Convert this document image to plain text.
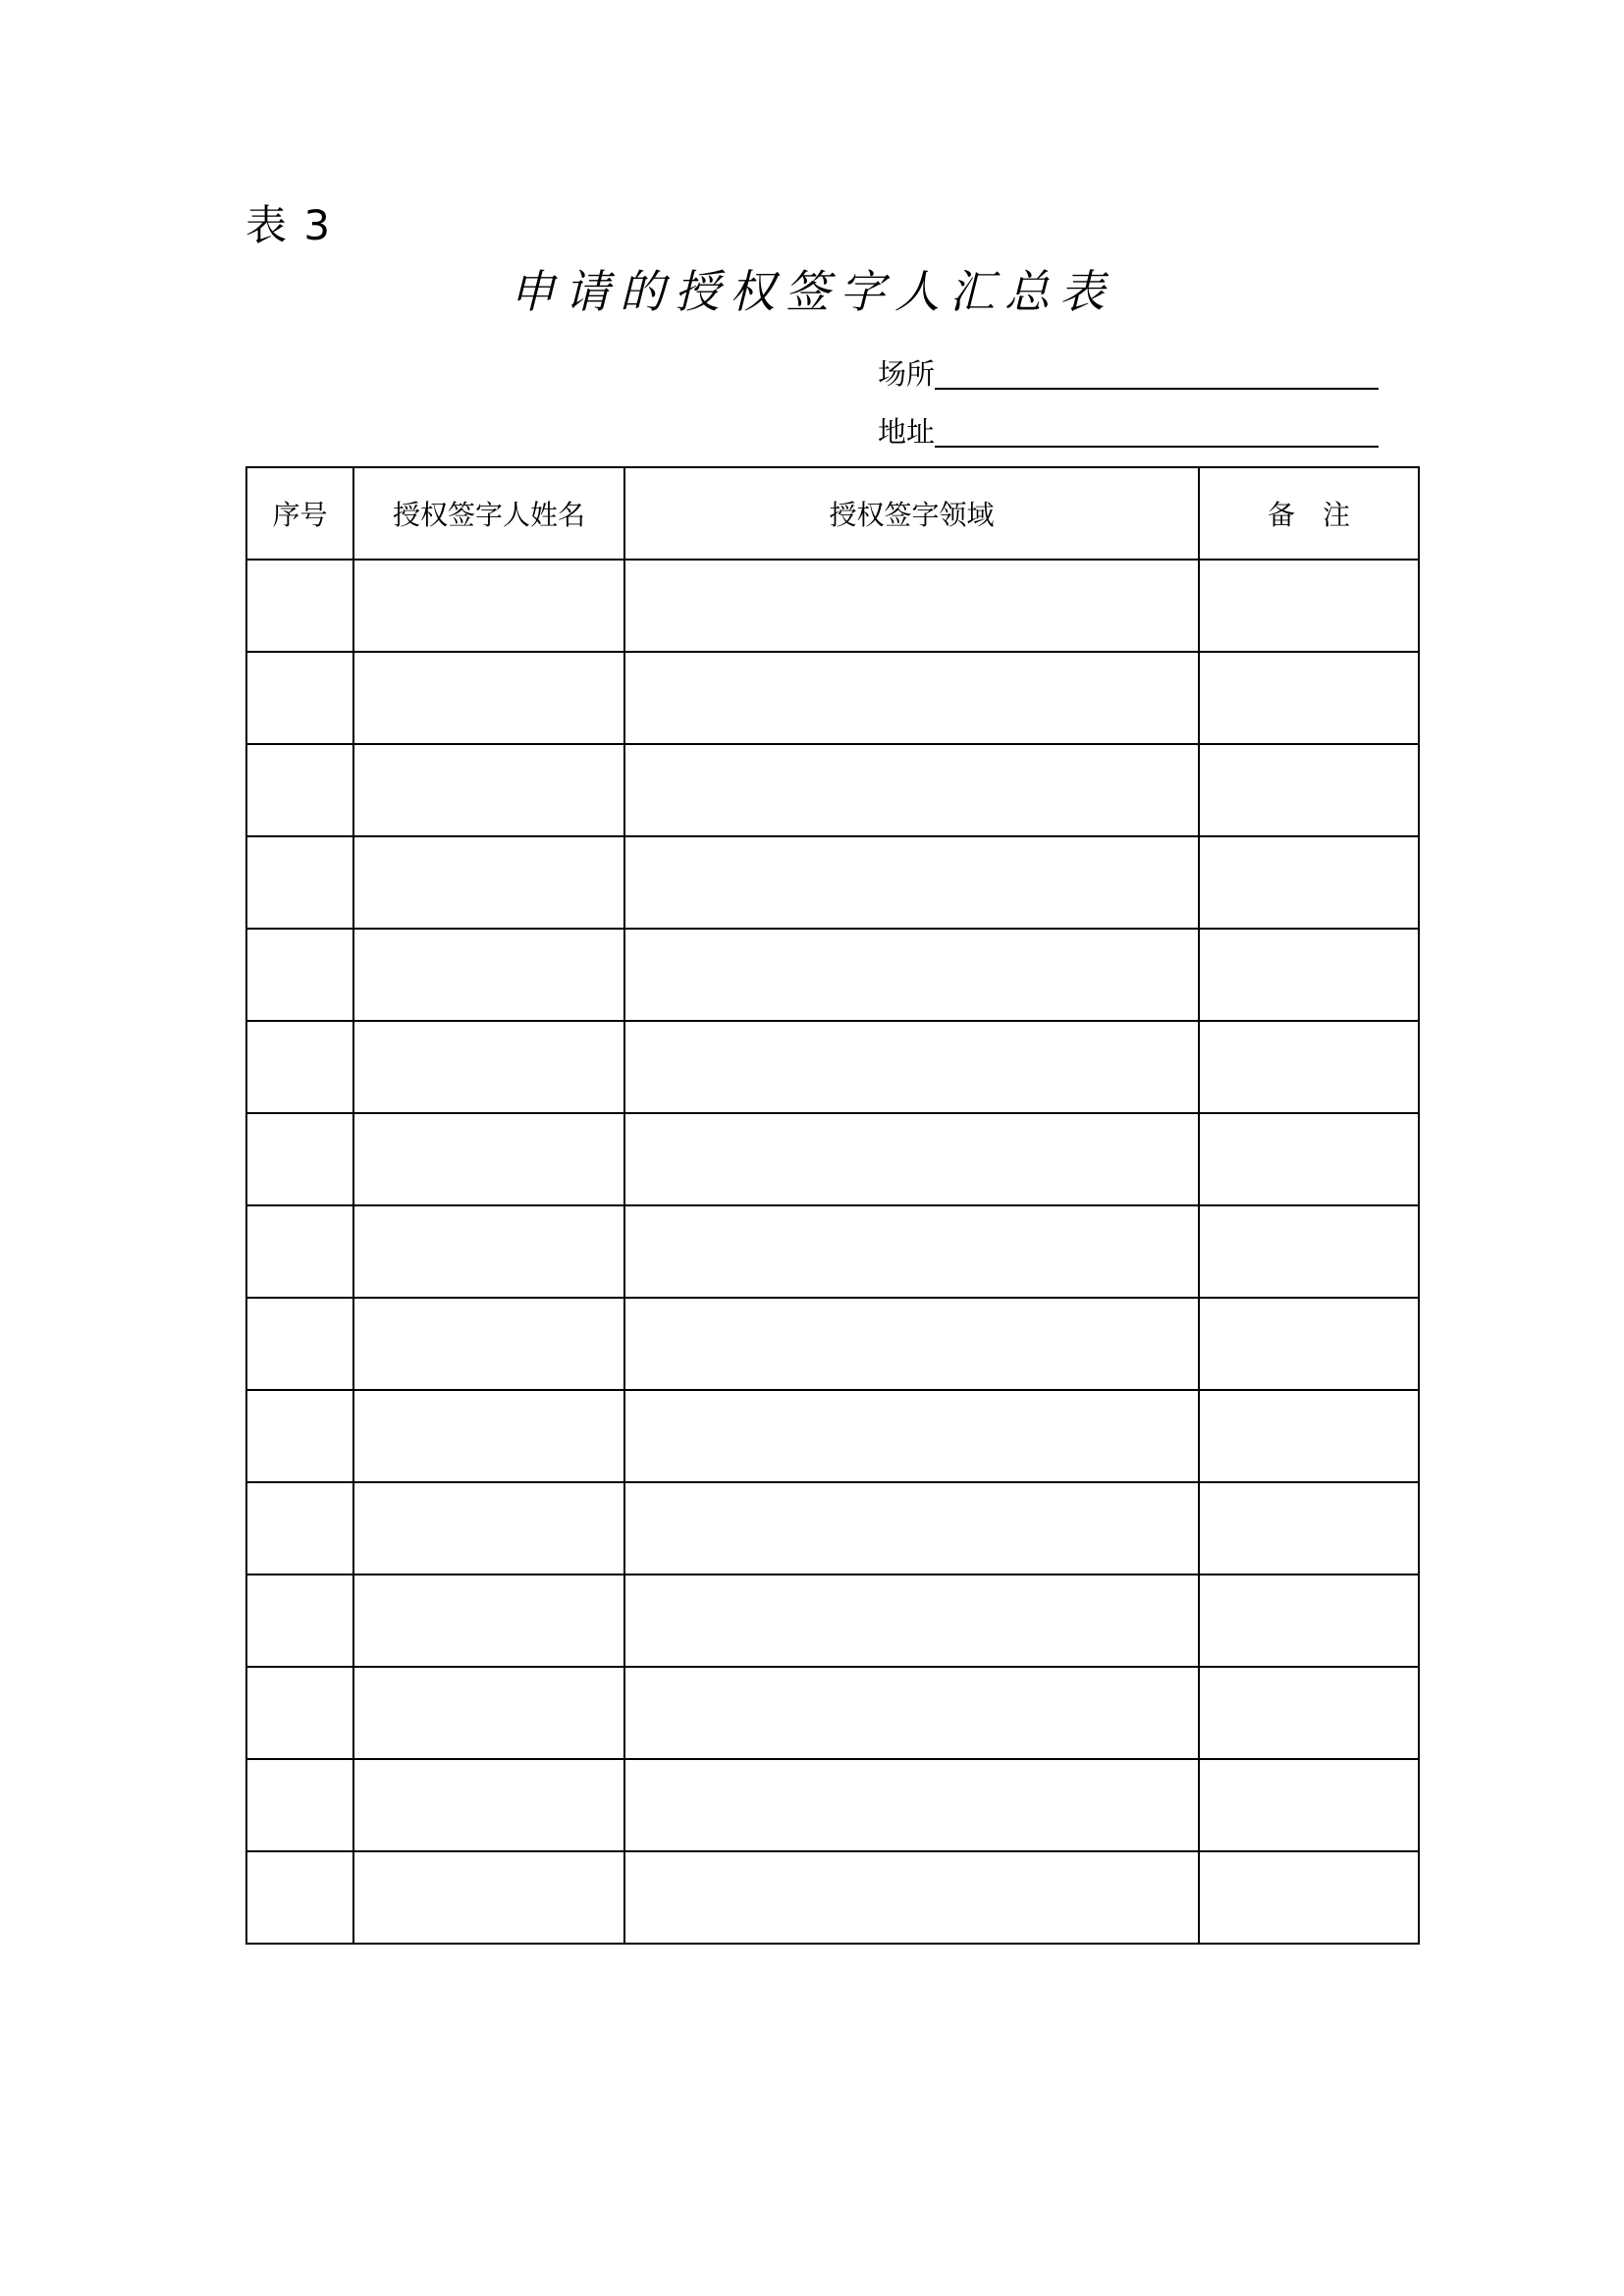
表 3
申请的授权签字人汇总表
场所
地址
序号	授权签字人姓名	授权签字领域	备　注
